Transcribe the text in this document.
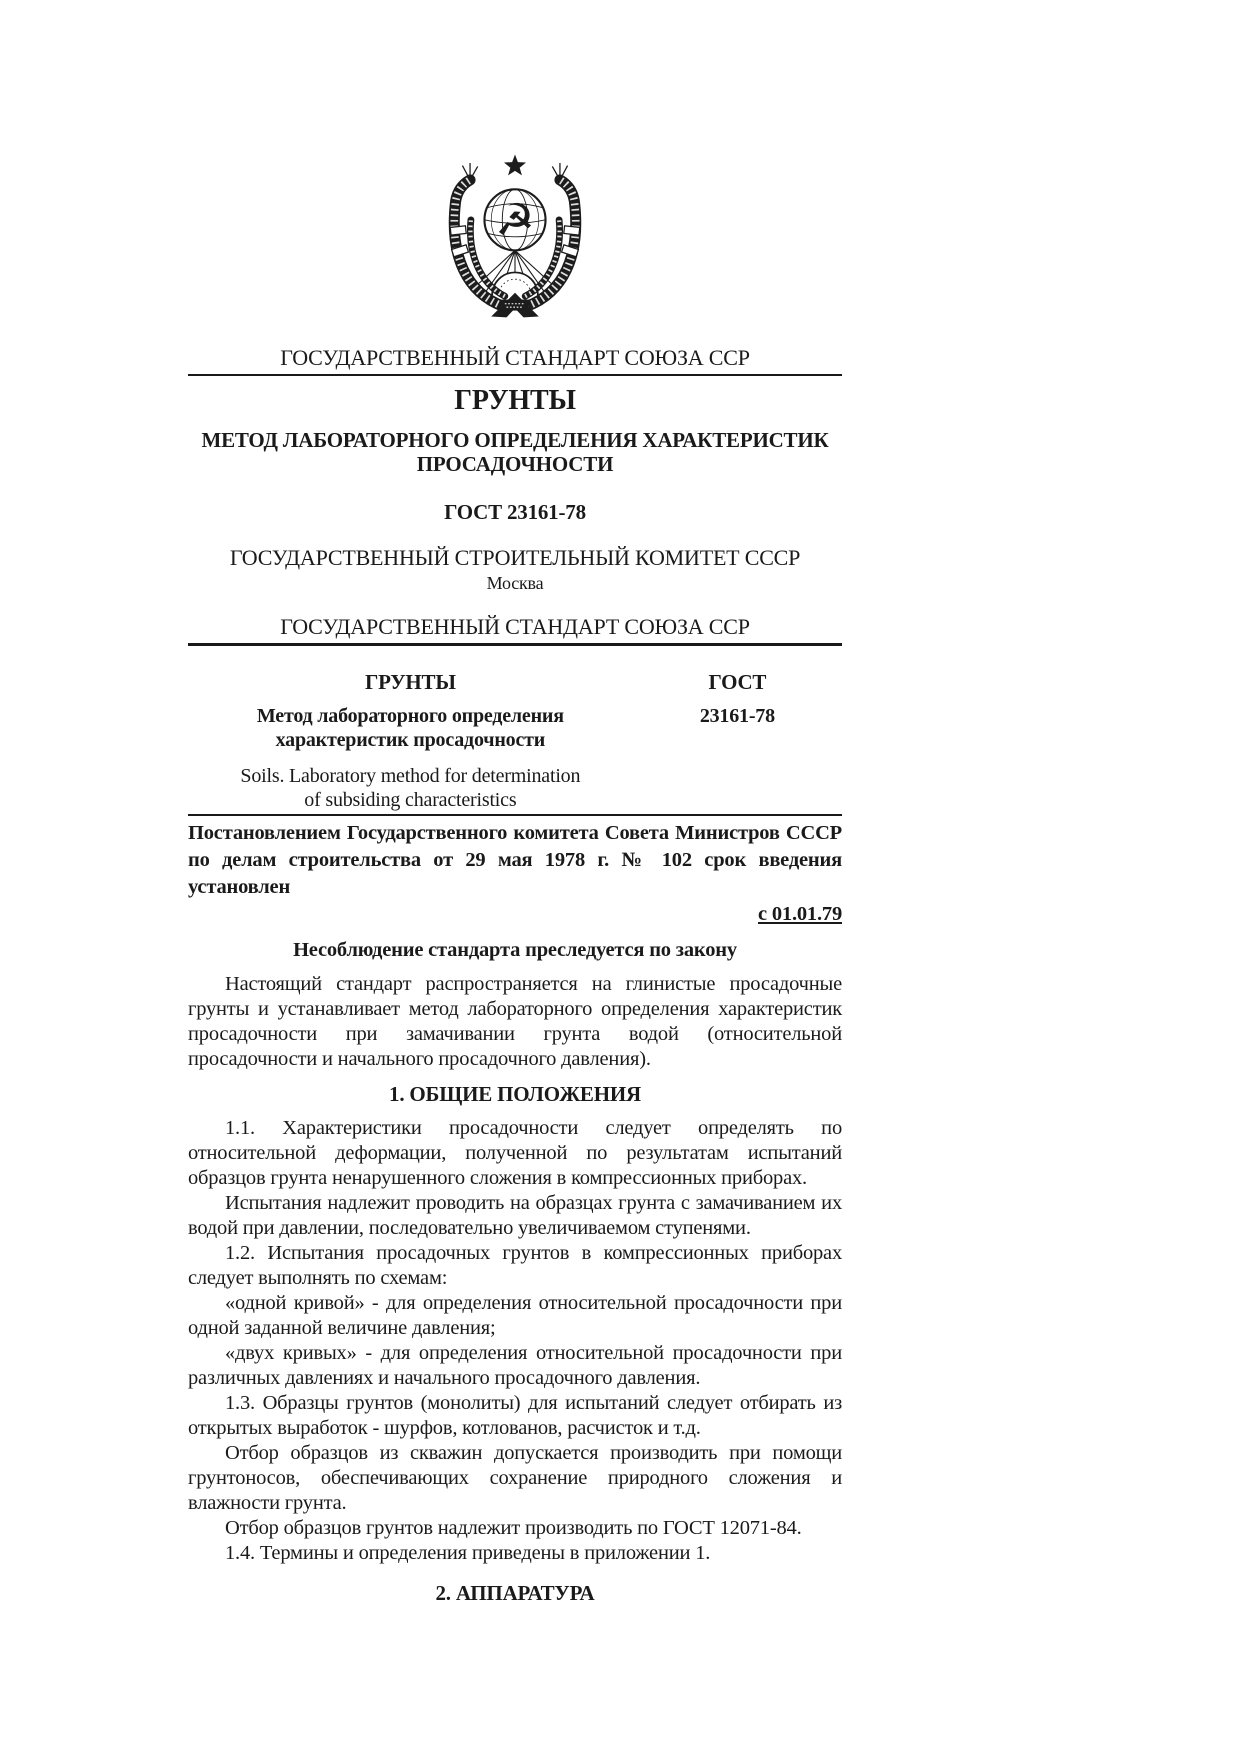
☭
ГОСУДАРСТВЕННЫЙ СТАНДАРТ СОЮЗА ССР
ГРУНТЫ
МЕТОД ЛАБОРАТОРНОГО ОПРЕДЕЛЕНИЯ ХАРАКТЕРИСТИК
ПРОСАДОЧНОСТИ
ГОСТ 23161-78
ГОСУДАРСТВЕННЫЙ СТРОИТЕЛЬНЫЙ КОМИТЕТ СССР
Москва
ГОСУДАРСТВЕННЫЙ СТАНДАРТ СОЮЗА ССР
ГРУНТЫ
Метод лабораторного определения
характеристик просадочности
Soils. Laboratory method for determination
of subsiding characteristics
ГОСТ
23161-78

Постановлением Государственного комитета Совета Министров СССР по делам строительства от 29 мая 1978 г. № 102 срок введения установлен

с 01.01.79
Несоблюдение стандарта преследуется по закону

Настоящий стандарт распространяется на глинистые просадочные грунты и устанавливает метод лабораторного определения характеристик просадочности при замачивании грунта водой (относительной просадочности и начального просадочного давления).

1. ОБЩИЕ ПОЛОЖЕНИЯ

1.1. Характеристики просадочности следует определять по относительной деформации, полученной по результатам испытаний образцов грунта ненарушенного сложения в компрессионных приборах.

Испытания надлежит проводить на образцах грунта с замачиванием их водой при давлении, последовательно увеличиваемом ступенями.

1.2. Испытания просадочных грунтов в компрессионных приборах следует выполнять по схемам:

«одной кривой» - для определения относительной просадочности при одной заданной величине давления;

«двух кривых» - для определения относительной просадочности при различных давлениях и начального просадочного давления.

1.3. Образцы грунтов (монолиты) для испытаний следует отбирать из открытых выработок - шурфов, котлованов, расчисток и т.д.

Отбор образцов из скважин допускается производить при помощи грунтоносов, обеспечивающих сохранение природного сложения и влажности грунта.

Отбор образцов грунтов надлежит производить по ГОСТ 12071-84.

1.4. Термины и определения приведены в приложении 1.

2. АППАРАТУРА
